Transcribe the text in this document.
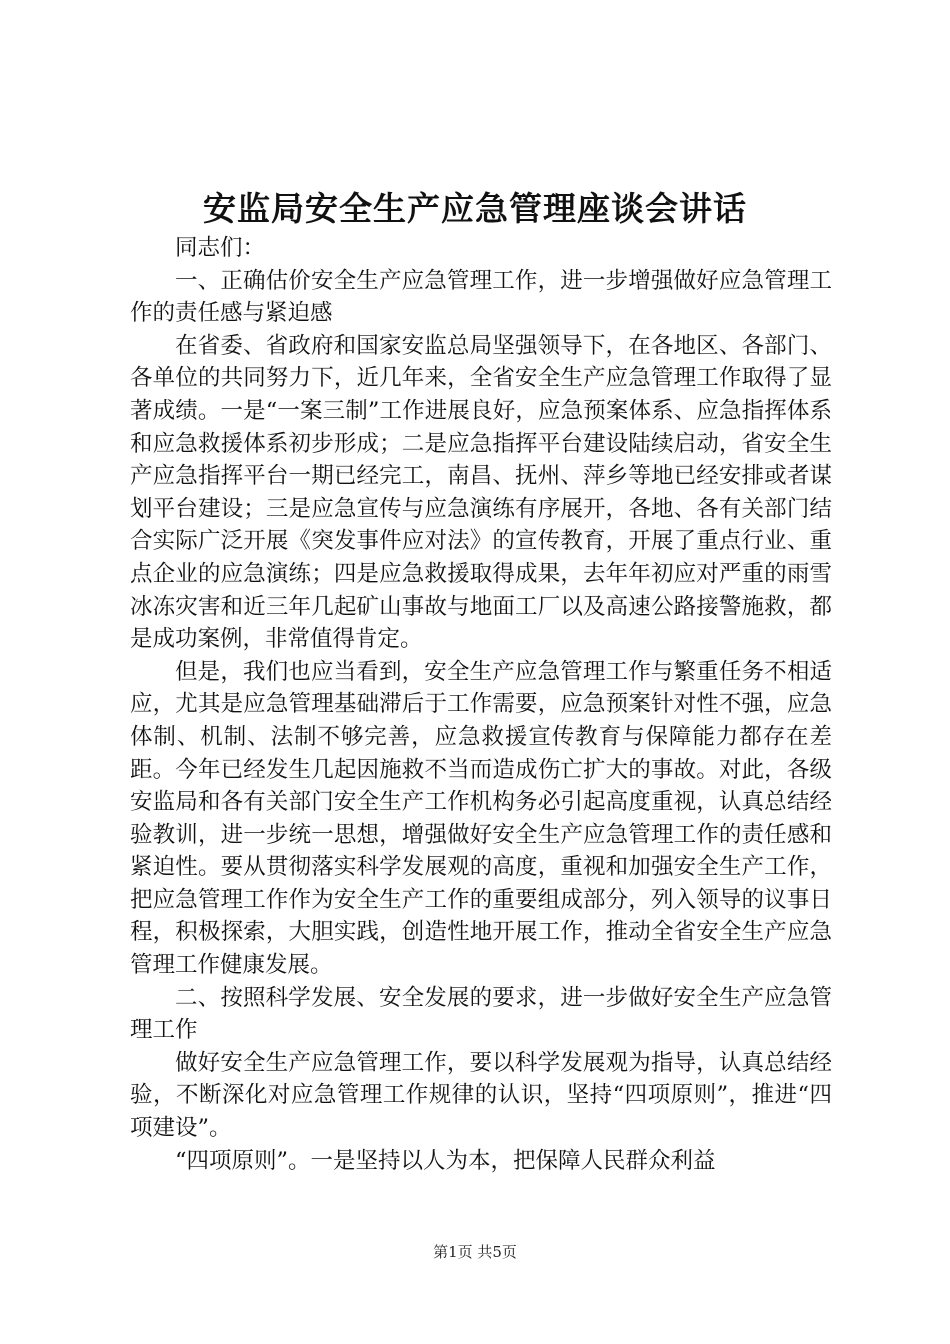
安监局安全生产应急管理座谈会讲话

同志们：

一、正确估价安全生产应急管理工作，进一步增强做好应急管理工作的责任感与紧迫感

在省委、省政府和国家安监总局坚强领导下，在各地区、各部门、各单位的共同努力下，近几年来，全省安全生产应急管理工作取得了显著成绩。一是“一案三制”工作进展良好，应急预案体系、应急指挥体系和应急救援体系初步形成；二是应急指挥平台建设陆续启动，省安全生产应急指挥平台一期已经完工，南昌、抚州、萍乡等地已经安排或者谋划平台建设；三是应急宣传与应急演练有序展开，各地、各有关部门结合实际广泛开展《突发事件应对法》的宣传教育，开展了重点行业、重点企业的应急演练；四是应急救援取得成果，去年年初应对严重的雨雪冰冻灾害和近三年几起矿山事故与地面工厂以及高速公路接警施救，都是成功案例，非常值得肯定。

但是，我们也应当看到，安全生产应急管理工作与繁重任务不相适应，尤其是应急管理基础滞后于工作需要，应急预案针对性不强，应急体制、机制、法制不够完善，应急救援宣传教育与保障能力都存在差距。今年已经发生几起因施救不当而造成伤亡扩大的事故。对此，各级安监局和各有关部门安全生产工作机构务必引起高度重视，认真总结经验教训，进一步统一思想，增强做好安全生产应急管理工作的责任感和紧迫性。要从贯彻落实科学发展观的高度，重视和加强安全生产工作，把应急管理工作作为安全生产工作的重要组成部分，列入领导的议事日程，积极探索，大胆实践，创造性地开展工作，推动全省安全生产应急管理工作健康发展。

二、按照科学发展、安全发展的要求，进一步做好安全生产应急管理工作

做好安全生产应急管理工作，要以科学发展观为指导，认真总结经验，不断深化对应急管理工作规律的认识，坚持“四项原则”，推进“四项建设”。

“四项原则”。一是坚持以人为本，把保障人民群众利益

第1页 共5页
